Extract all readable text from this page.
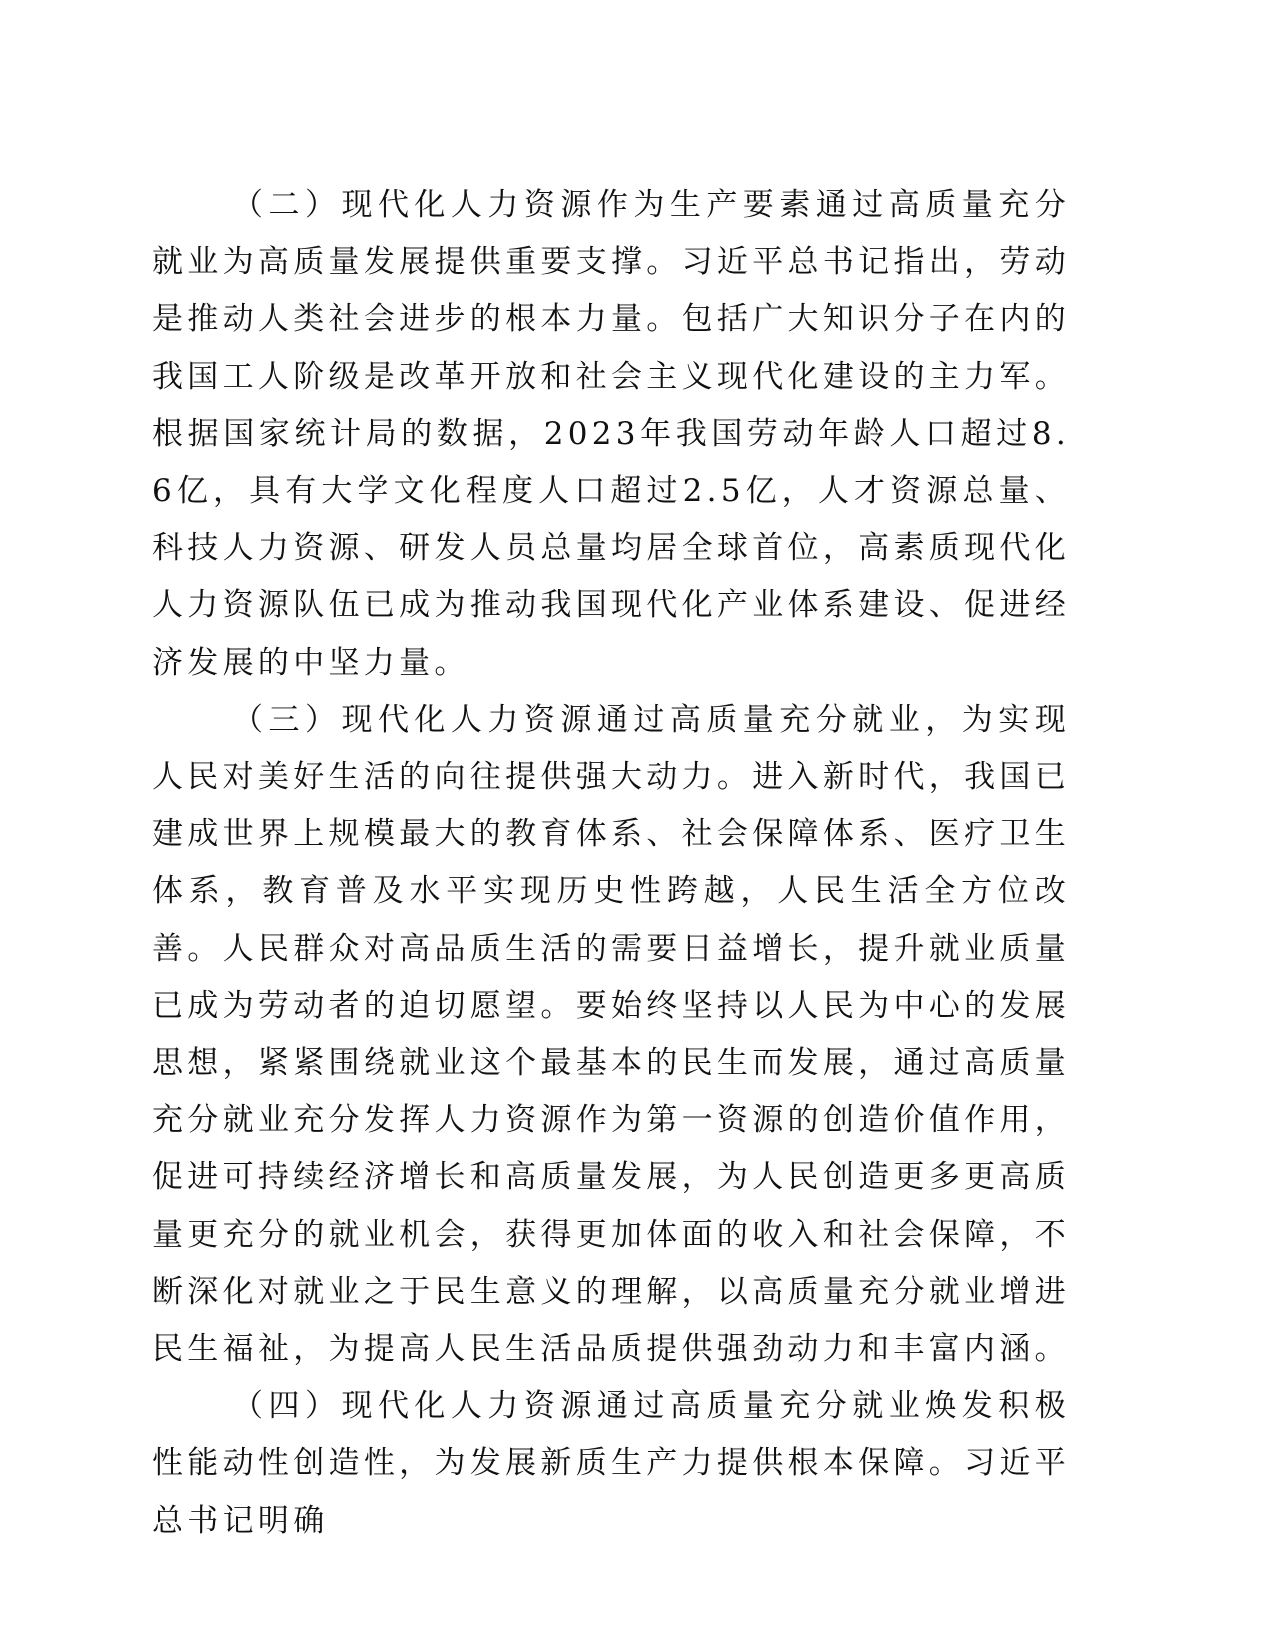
（二）现代化人力资源作为生产要素通过高质量充分就业为高质量发展提供重要支撑。习近平总书记指出，劳动是推动人类社会进步的根本力量。包括广大知识分子在内的我国工人阶级是改革开放和社会主义现代化建设的主力军。根据国家统计局的数据，2023年我国劳动年龄人口超过8.6亿，具有大学文化程度人口超过2.5亿，人才资源总量、科技人力资源、研发人员总量均居全球首位，高素质现代化人力资源队伍已成为推动我国现代化产业体系建设、促进经济发展的中坚力量。

（三）现代化人力资源通过高质量充分就业，为实现人民对美好生活的向往提供强大动力。进入新时代，我国已建成世界上规模最大的教育体系、社会保障体系、医疗卫生体系，教育普及水平实现历史性跨越，人民生活全方位改善。人民群众对高品质生活的需要日益增长，提升就业质量已成为劳动者的迫切愿望。要始终坚持以人民为中心的发展思想，紧紧围绕就业这个最基本的民生而发展，通过高质量充分就业充分发挥人力资源作为第一资源的创造价值作用，促进可持续经济增长和高质量发展，为人民创造更多更高质量更充分的就业机会，获得更加体面的收入和社会保障，不断深化对就业之于民生意义的理解，以高质量充分就业增进民生福祉，为提高人民生活品质提供强劲动力和丰富内涵。

（四）现代化人力资源通过高质量充分就业焕发积极性能动性创造性，为发展新质生产力提供根本保障。习近平总书记明确
